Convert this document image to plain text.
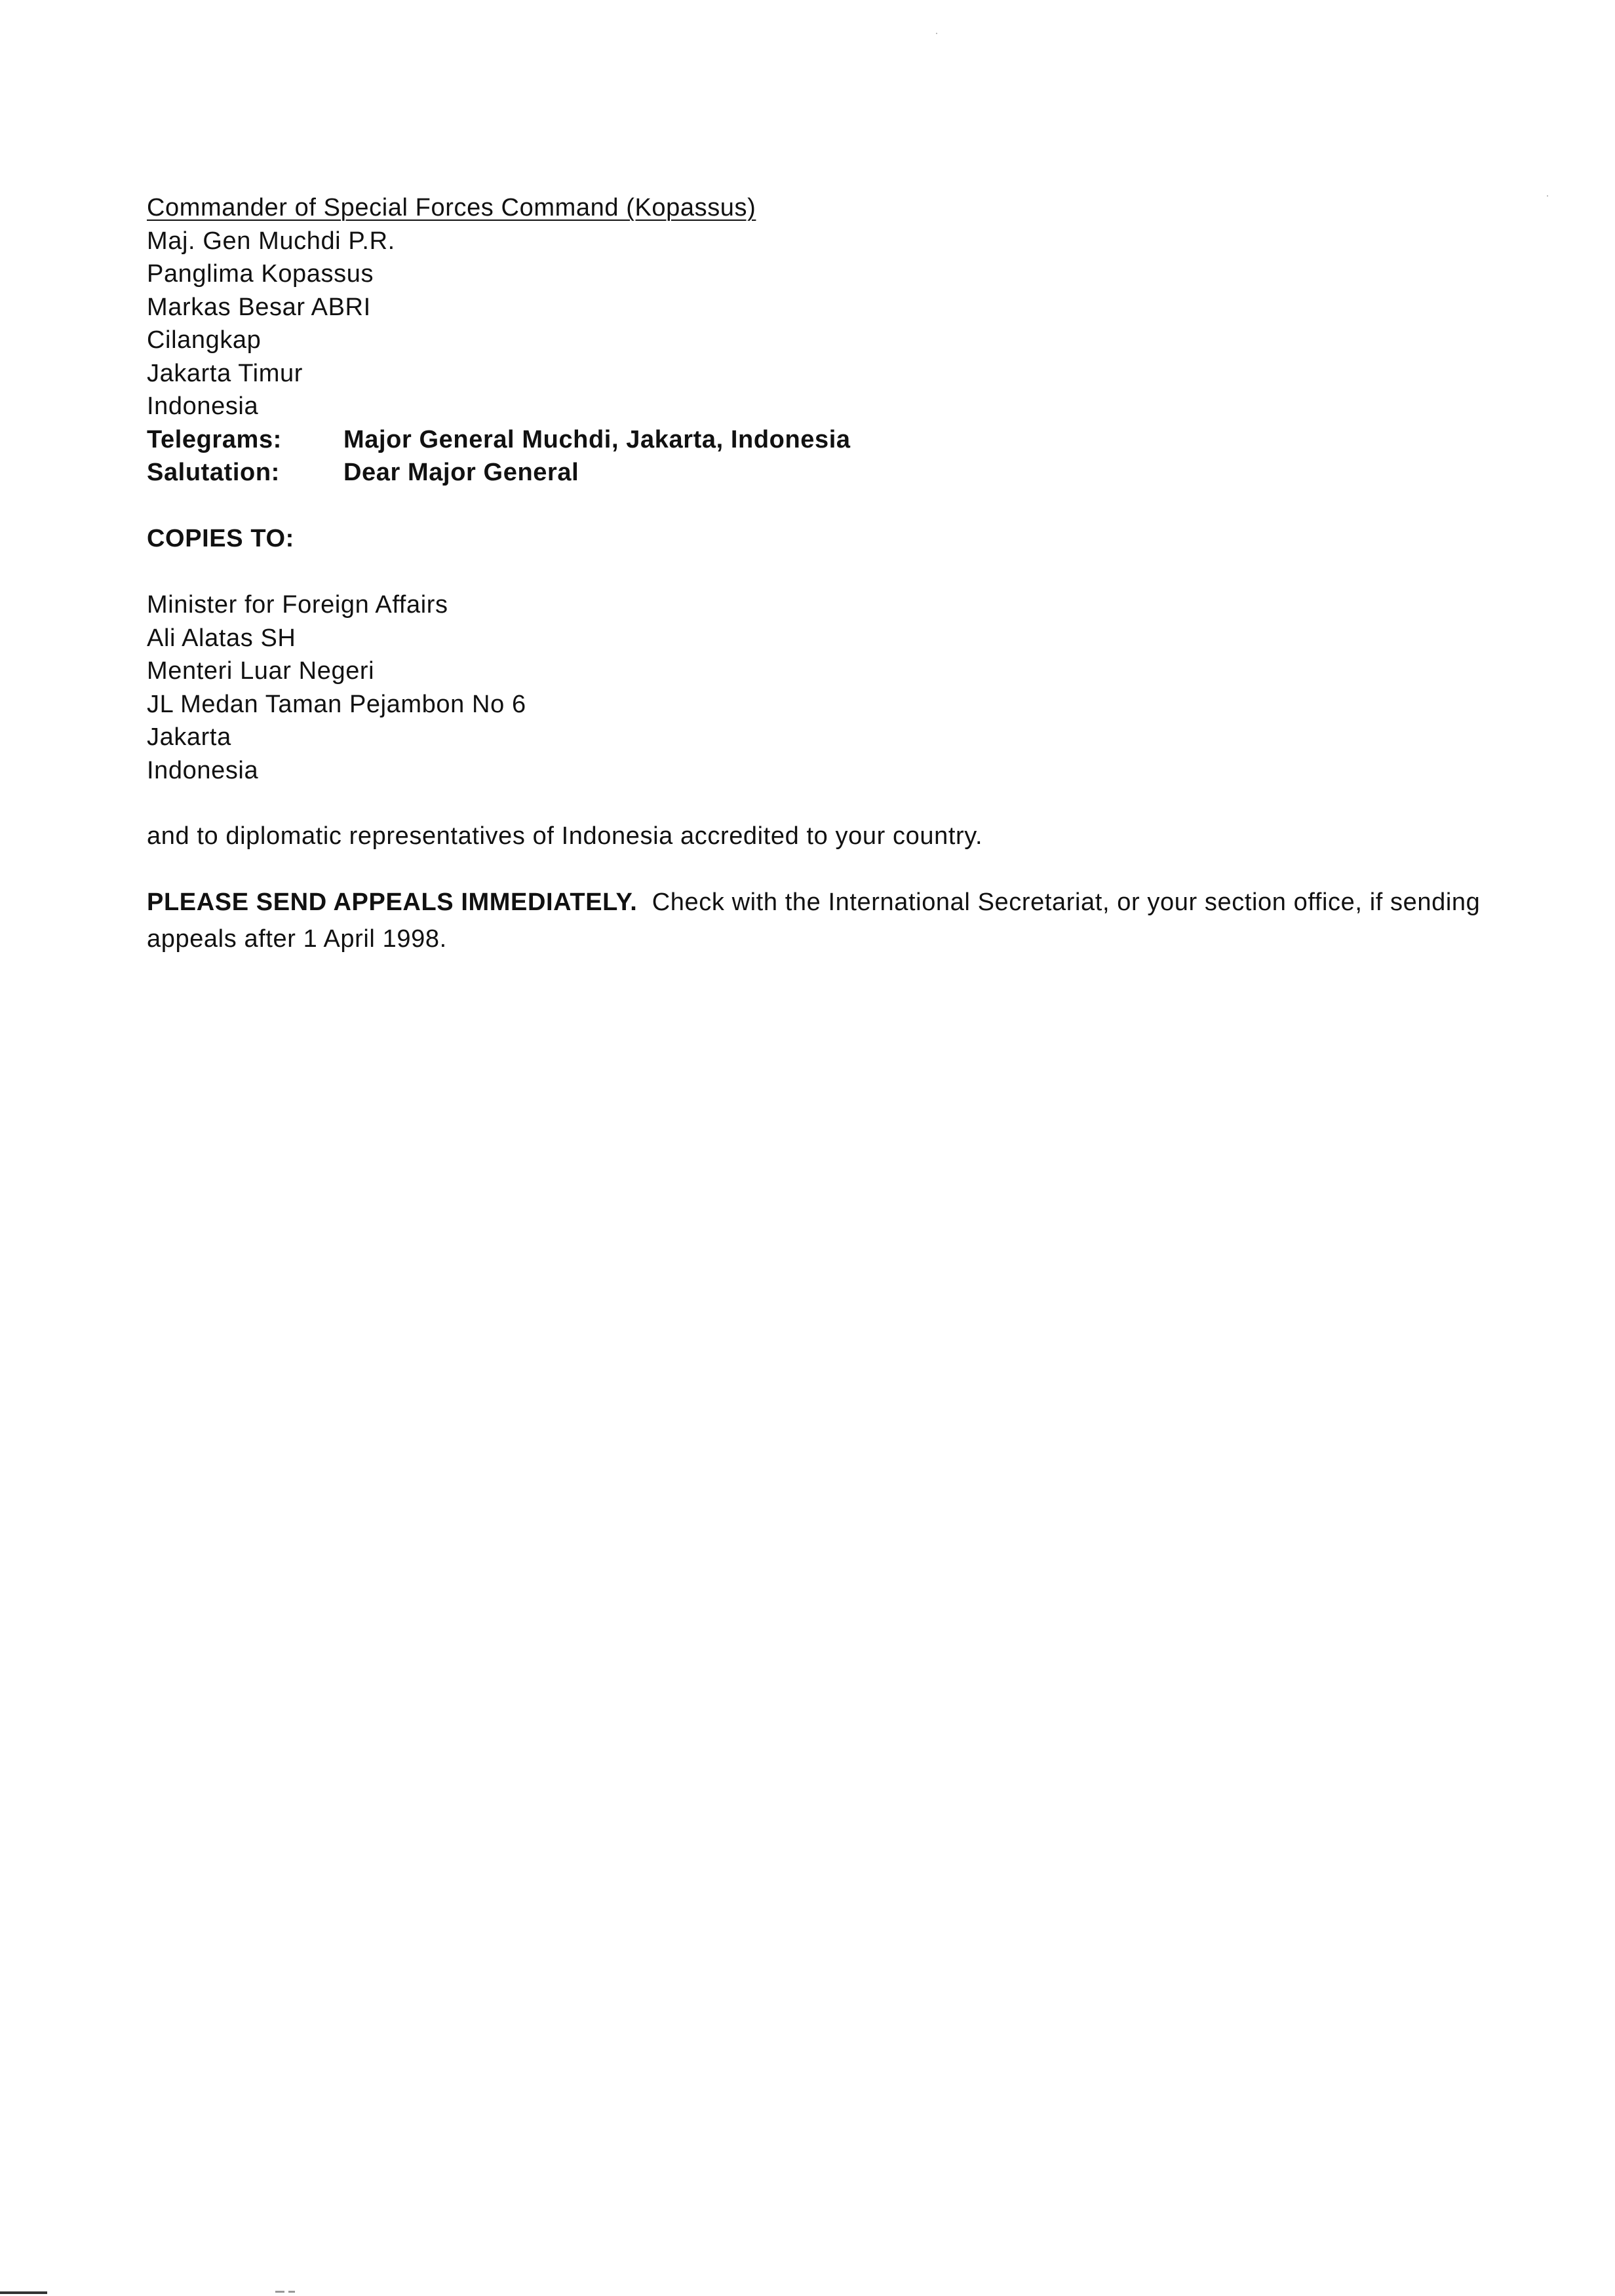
Commander of Special Forces Command (Kopassus)
Maj. Gen Muchdi P.R.
Panglima Kopassus
Markas Besar ABRI
Cilangkap
Jakarta Timur
Indonesia
Telegrams:	Major General Muchdi, Jakarta, Indonesia
Salutation:	Dear Major General
COPIES TO:
Minister for Foreign Affairs
Ali Alatas SH
Menteri Luar Negeri
JL Medan Taman Pejambon No 6
Jakarta
Indonesia
and to diplomatic representatives of Indonesia accredited to your country.

PLEASE SEND APPEALS IMMEDIATELY. Check with the International Secretariat, or your section office, if sending appeals after 1 April 1998.
